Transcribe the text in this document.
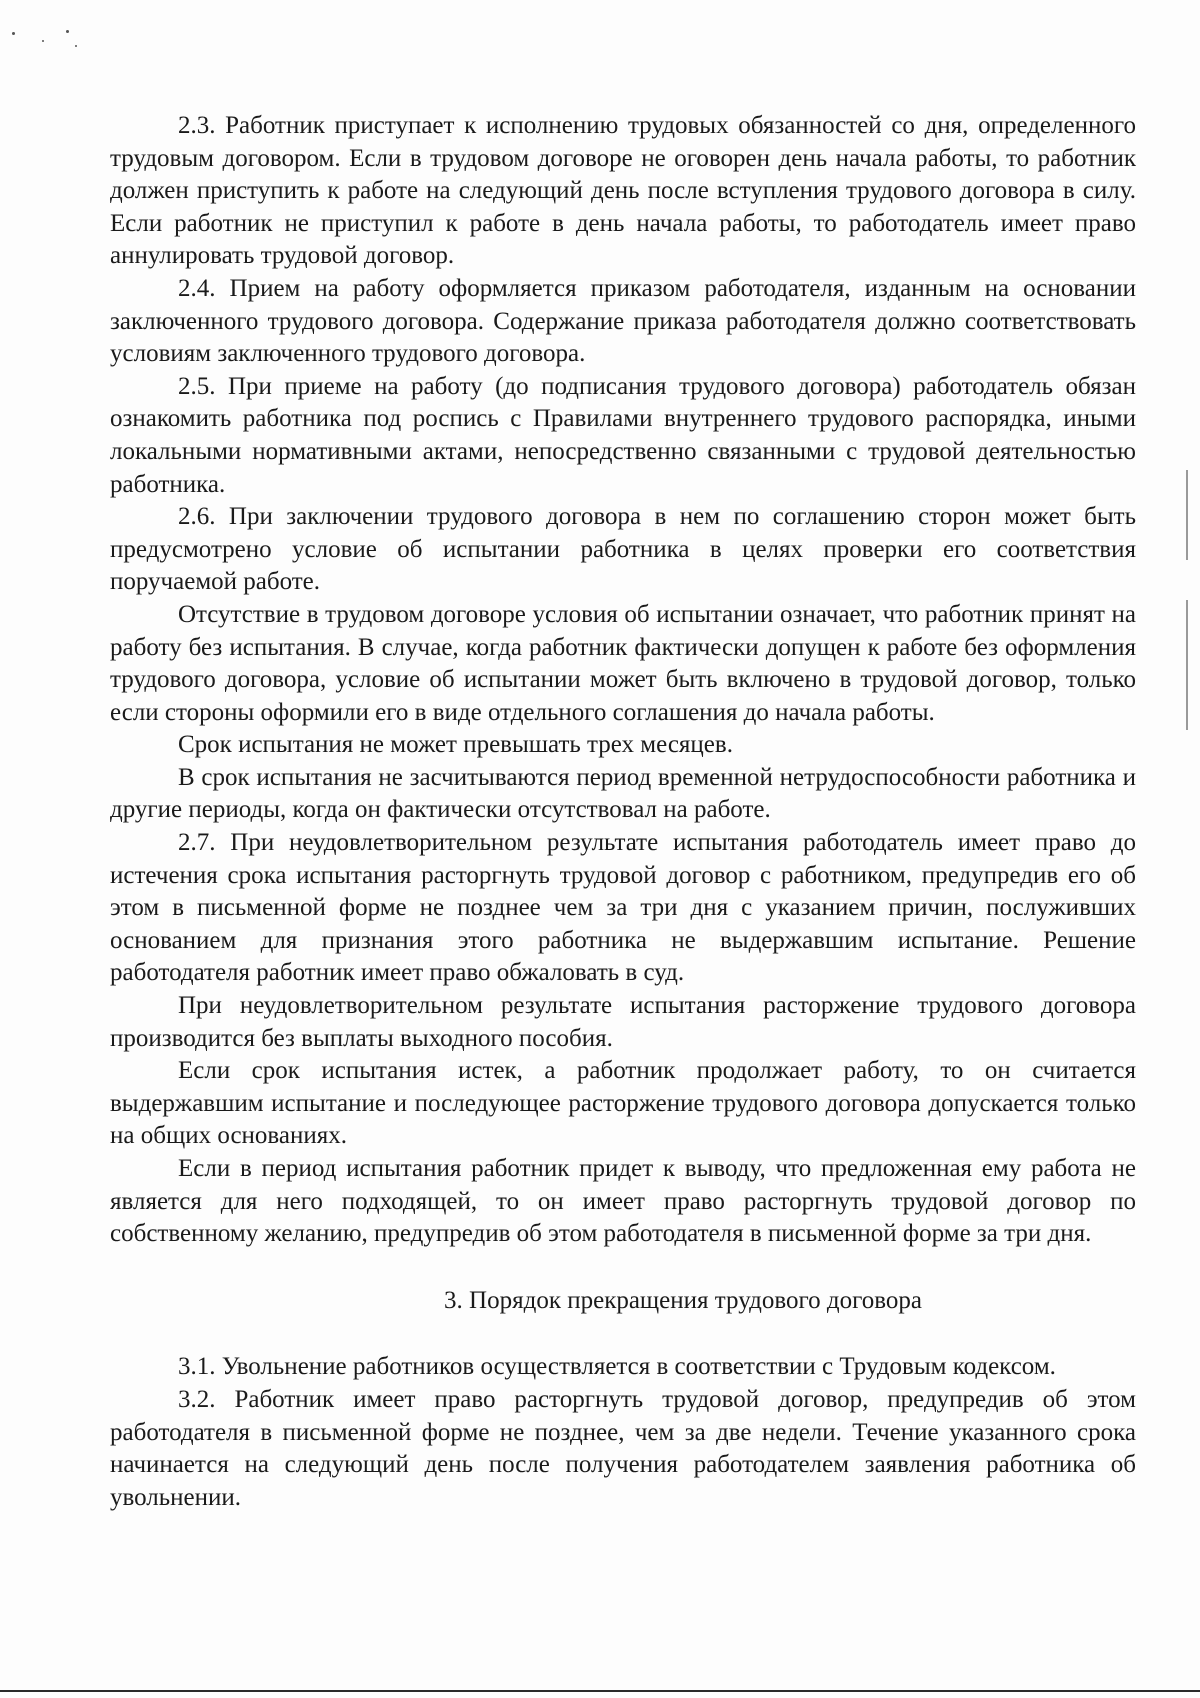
2.3. Работник приступает к исполнению трудовых обязанностей со дня, определенного трудовым договором. Если в трудовом договоре не оговорен день начала работы, то работник должен приступить к работе на следующий день после вступления трудового договора в силу. Если работник не приступил к работе в день начала работы, то работодатель имеет право аннулировать трудовой договор.

2.4. Прием на работу оформляется приказом работодателя, изданным на основании заключенного трудового договора. Содержание приказа работодателя должно соответствовать условиям заключенного трудового договора.

2.5. При приеме на работу (до подписания трудового договора) работодатель обязан ознакомить работника под роспись с Правилами внутреннего трудового распорядка, иными локальными нормативными актами, непосредственно связанными с трудовой деятельностью работника.

2.6. При заключении трудового договора в нем по соглашению сторон может быть предусмотрено условие об испытании работника в целях проверки его соответствия поручаемой работе.

Отсутствие в трудовом договоре условия об испытании означает, что работник принят на работу без испытания. В случае, когда работник фактически допущен к работе без оформления трудового договора, условие об испытании может быть включено в трудовой договор, только если стороны оформили его в виде отдельного соглашения до начала работы.

Срок испытания не может превышать трех месяцев.

В срок испытания не засчитываются период временной нетрудоспособности работника и другие периоды, когда он фактически отсутствовал на работе.

2.7. При неудовлетворительном результате испытания работодатель имеет право до истечения срока испытания расторгнуть трудовой договор с работником, предупредив его об этом в письменной форме не позднее чем за три дня с указанием причин, послуживших основанием для признания этого работника не выдержавшим испытание. Решение работодателя работник имеет право обжаловать в суд.

При неудовлетворительном результате испытания расторжение трудового договора производится без выплаты выходного пособия.

Если срок испытания истек, а работник продолжает работу, то он считается выдержавшим испытание и последующее расторжение трудового договора допускается только на общих основаниях.

Если в период испытания работник придет к выводу, что предложенная ему работа не является для него подходящей, то он имеет право расторгнуть трудовой договор по собственному желанию, предупредив об этом работодателя в письменной форме за три дня.

3. Порядок прекращения трудового договора

3.1. Увольнение работников осуществляется в соответствии с Трудовым кодексом.

3.2. Работник имеет право расторгнуть трудовой договор, предупредив об этом работодателя в письменной форме не позднее, чем за две недели. Течение указанного срока начинается на следующий день после получения работодателем заявления работника об увольнении.
